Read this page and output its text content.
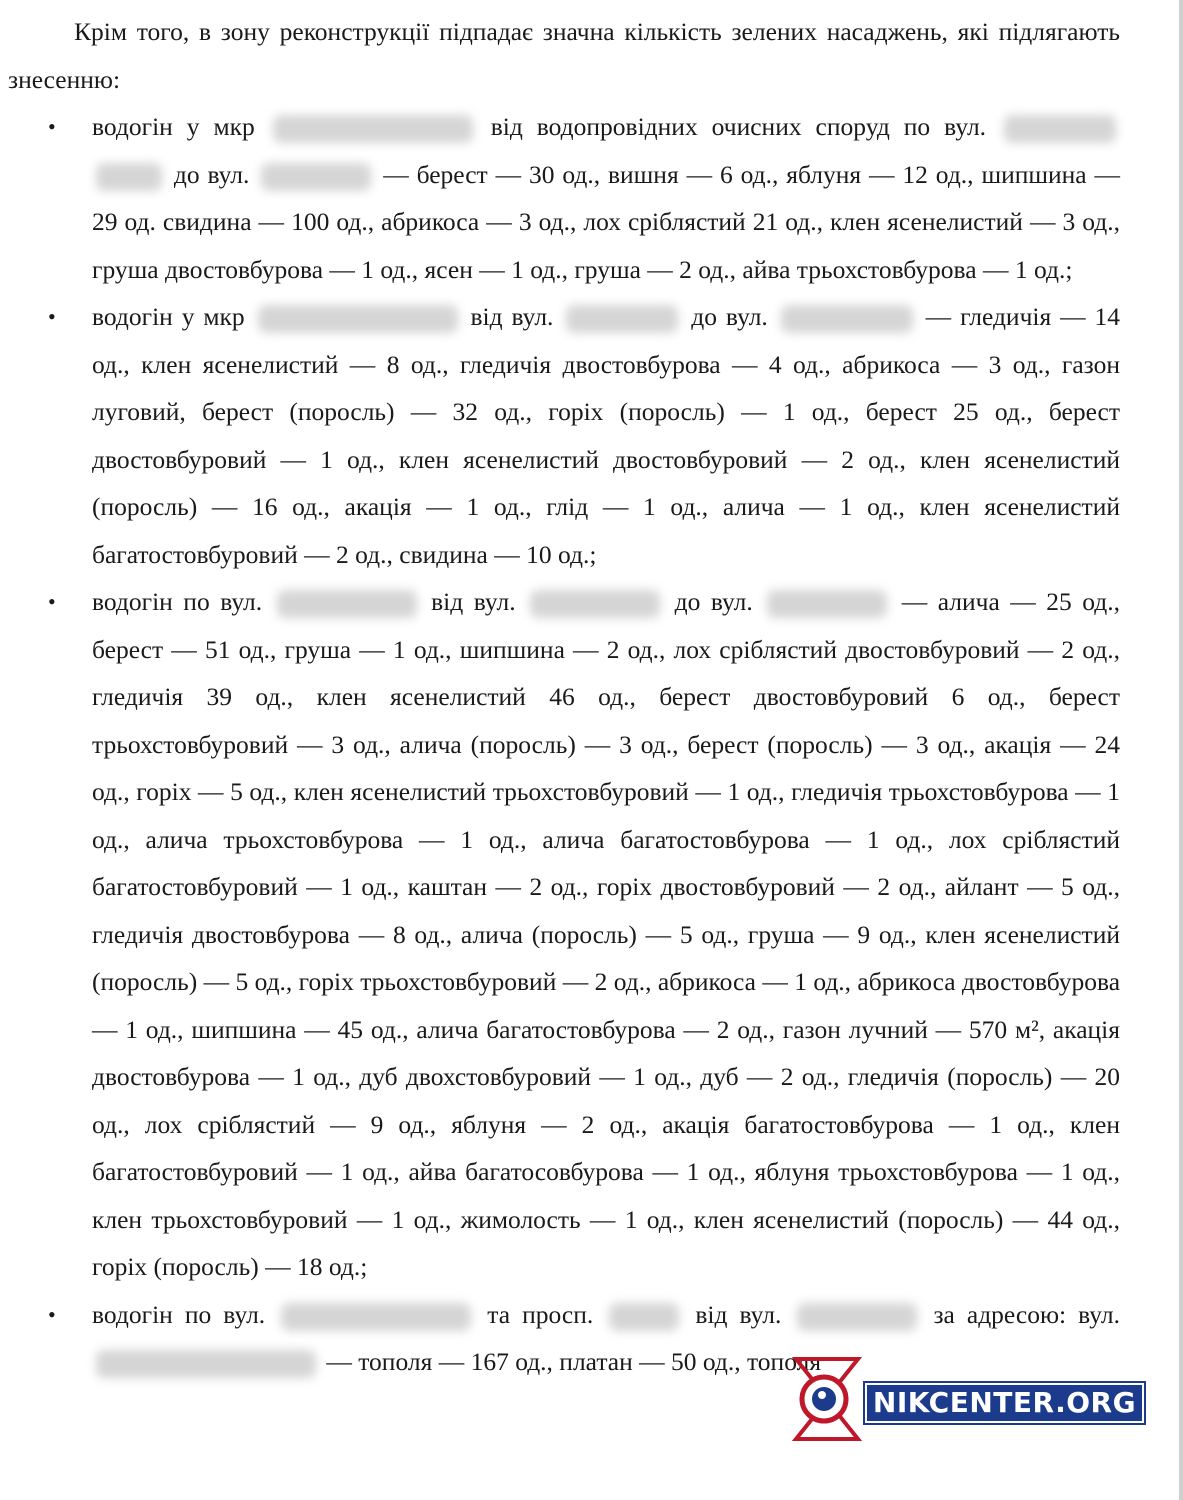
Крім того, в зону реконструкції підпадає значна кількість зелених насаджень, які підлягають знесенню:

• водогін у мкр	від водопровідних очисних споруд по вул.   до вул.	— берест — 30 од., вишня — 6 од., яблуня — 12 од., шипшина — 29 од. свидина — 100 од., абрикоса — 3 од., лох сріблястий 21 од., клен ясенелистий — 3 од., груша двостовбурова — 1 од., ясен — 1 од., груша — 2 од., айва трьохстовбурова — 1 од.;
• водогін у мкр	від вул.	до вул.	— гледичія — 14 од., клен ясенелистий — 8 од., гледичія двостовбурова — 4 од., абрикоса — 3 од., газон луговий, берест (поросль) — 32 од., горіх (поросль) — 1 од., берест 25 од., берест двостовбуровий — 1 од., клен ясенелистий двостовбуровий — 2 од., клен ясенелистий (поросль) — 16 од., акація — 1 од., глід — 1 од., алича — 1 од., клен ясенелистий багатостовбуровий — 2 од., свидина — 10 од.;
• водогін по вул.	від вул.	до вул.	— алича — 25 од., берест — 51 од., груша — 1 од., шипшина — 2 од., лох сріблястий двостовбуровий — 2 од., гледичія 39 од., клен ясенелистий 46 од., берест двостовбуровий 6 од., берест трьохстовбуровий — 3 од., алича (поросль) — 3 од., берест (поросль) — 3 од., акація — 24 од., горіх — 5 од., клен ясенелистий трьохстовбуровий — 1 од., гледичія трьохстовбурова — 1 од., алича трьохстовбурова — 1 од., алича багатостовбурова — 1 од., лох сріблястий багатостовбуровий — 1 од., каштан — 2 од., горіх двостовбуровий — 2 од., айлант — 5 од., гледичія двостовбурова — 8 од., алича (поросль) — 5 од., груша — 9 од., клен ясенелистий (поросль) — 5 од., горіх трьохстовбуровий — 2 од., абрикоса — 1 од., абрикоса двостовбурова — 1 од., шипшина — 45 од., алича багатостовбурова — 2 од., газон лучний — 570 м², акація двостовбурова — 1 од., дуб двохстовбуровий — 1 од., дуб — 2 од., гледичія (поросль) — 20 од., лох сріблястий — 9 од., яблуня — 2 од., акація багатостовбурова — 1 од., клен багатостовбуровий — 1 од., айва багатосовбурова — 1 од., яблуня трьохстовбурова — 1 од., клен трьохстовбуровий — 1 од., жимолость — 1 од., клен ясенелистий (поросль) — 44 од., горіх (поросль) — 18 од.;
• водогін по вул.	та просп.	від вул.	за адресою: вул.  — тополя — 167 од., платан — 50 од., тополя
NIKCENTER.ORG
